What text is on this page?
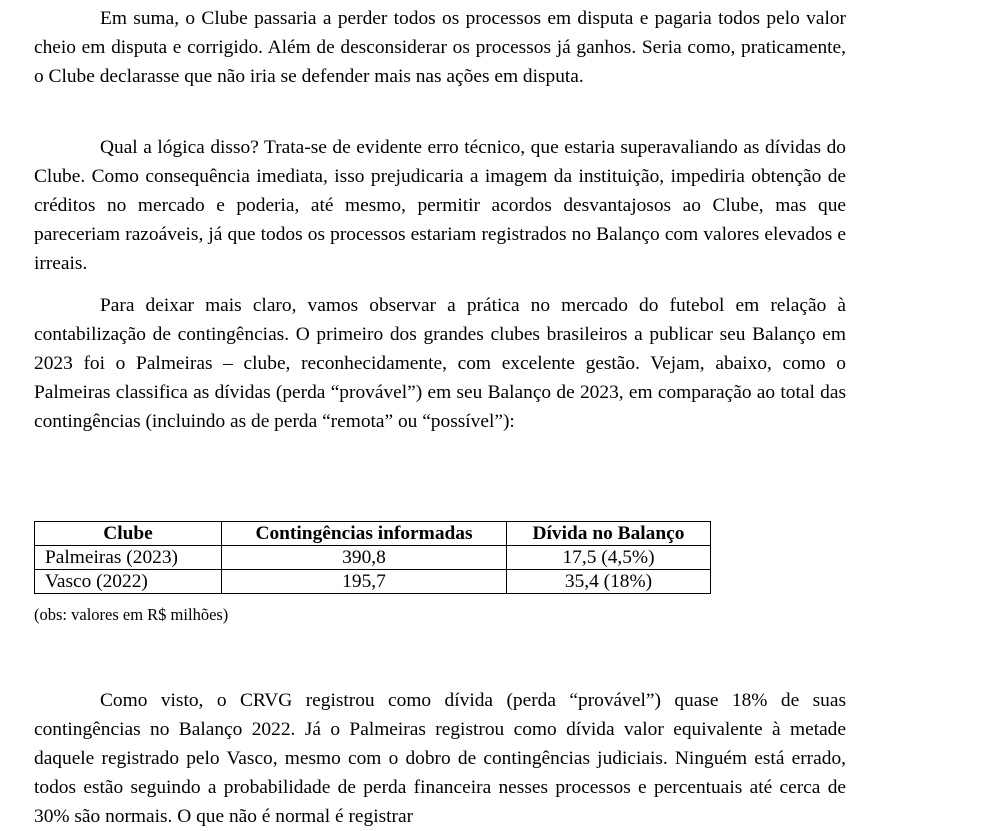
Em suma, o Clube passaria a perder todos os processos em disputa e pagaria todos pelo valor cheio em disputa e corrigido. Além de desconsiderar os processos já ganhos. Seria como, praticamente, o Clube declarasse que não iria se defender mais nas ações em disputa.

Qual a lógica disso? Trata-se de evidente erro técnico, que estaria superavaliando as dívidas do Clube. Como consequência imediata, isso prejudicaria a imagem da instituição, impediria obtenção de créditos no mercado e poderia, até mesmo, permitir acordos desvantajosos ao Clube, mas que pareceriam razoáveis, já que todos os processos estariam registrados no Balanço com valores elevados e irreais.

Para deixar mais claro, vamos observar a prática no mercado do futebol em relação à contabilização de contingências. O primeiro dos grandes clubes brasileiros a publicar seu Balanço em 2023 foi o Palmeiras – clube, reconhecidamente, com excelente gestão. Vejam, abaixo, como o Palmeiras classifica as dívidas (perda “provável”) em seu Balanço de 2023, em comparação ao total das contingências (incluindo as de perda “remota” ou “possível”):

Clube	Contingências informadas	Dívida no Balanço
Palmeiras (2023)	390,8	17,5 (4,5%)
Vasco (2022)	195,7	35,4 (18%)

(obs: valores em R$ milhões)

Como visto, o CRVG registrou como dívida (perda “provável”) quase 18% de suas contingências no Balanço 2022. Já o Palmeiras registrou como dívida valor equivalente à metade daquele registrado pelo Vasco, mesmo com o dobro de contingências judiciais. Ninguém está errado, todos estão seguindo a probabilidade de perda financeira nesses processos e percentuais até cerca de 30% são normais. O que não é normal é registrar
